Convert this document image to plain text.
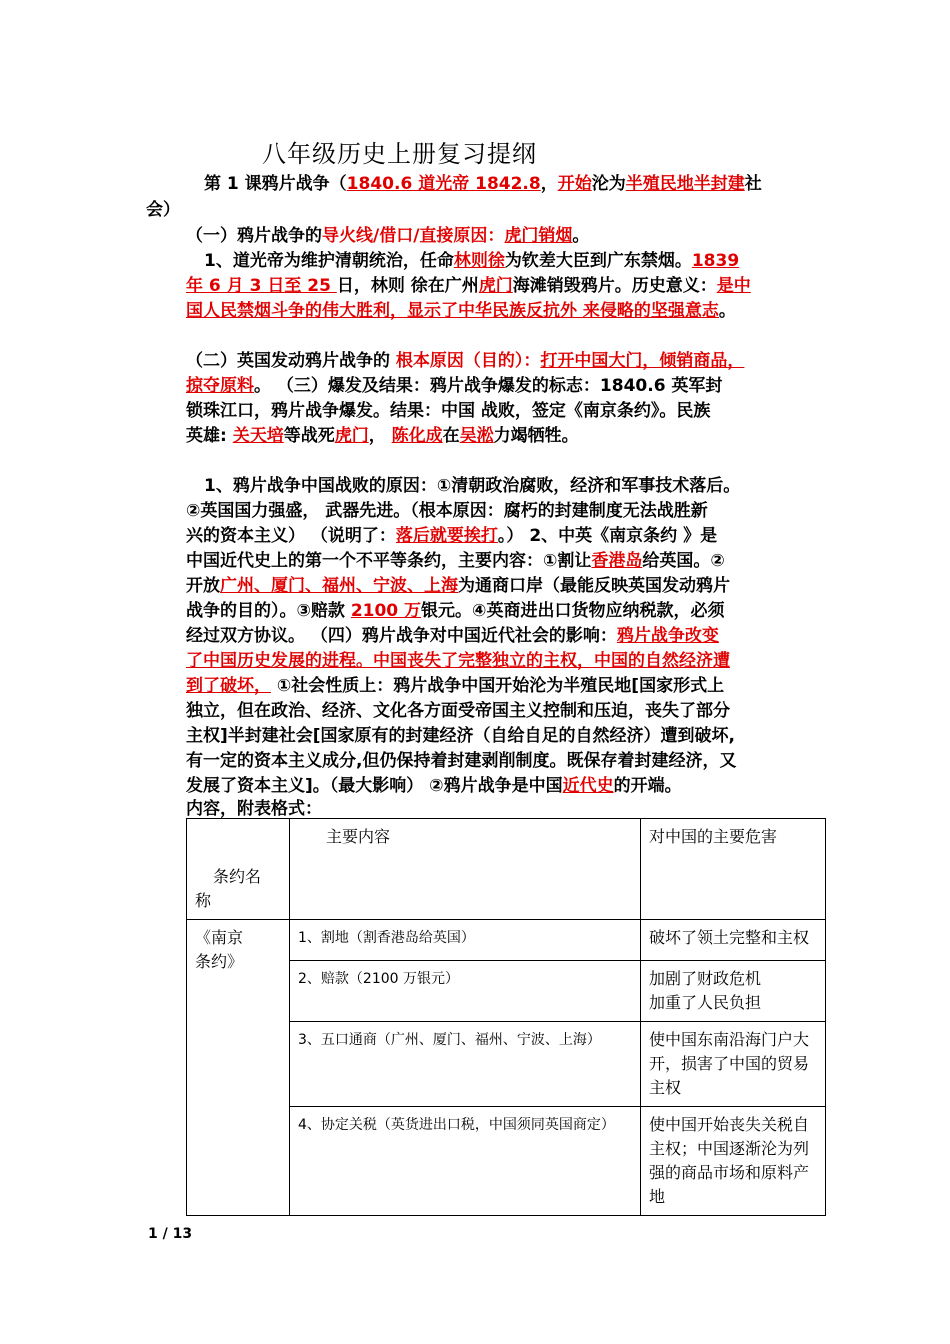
八年级历史上册复习提纲
第 1 课鸦片战争（1840.6 道光帝 1842.8，开始沦为半殖民地半封建社
会）
（一）鸦片战争的导火线/借口/直接原因：虎门销烟。
1、道光帝为维护清朝统治，任命林则徐为钦差大臣到广东禁烟。1839
年 6 月 3 日至 25 日，林则 徐在广州虎门海滩销毁鸦片。历史意义：是中
国人民禁烟斗争的伟大胜利，显示了中华民族反抗外 来侵略的坚强意志。
（二）英国发动鸦片战争的 根本原因（目的）：打开中国大门，倾销商品，
掠夺原料。 （三）爆发及结果：鸦片战争爆发的标志：1840.6 英军封
锁珠江口，鸦片战争爆发。结果：中国 战败，签定《南京条约》。民族
英雄: 关天培等战死虎门， 陈化成在吴淞力竭牺牲。
1、鸦片战争中国战败的原因：①清朝政治腐败，经济和军事技术落后。
②英国国力强盛， 武器先进。（根本原因：腐朽的封建制度无法战胜新
兴的资本主义） （说明了：落后就要挨打。） 2、中英《南京条约 》是
中国近代史上的第一个不平等条约，主要内容：①割让香港岛给英国。②
开放广州、厦门、福州、宁波、上海为通商口岸（最能反映英国发动鸦片
战争的目的）。③赔款 2100 万银元。④英商进出口货物应纳税款，必须
经过双方协议。 （四）鸦片战争对中国近代社会的影响：鸦片战争改变
了中国历史发展的进程。中国丧失了完整独立的主权，中国的自然经济遭
到了破坏， ①社会性质上：鸦片战争中国开始沦为半殖民地[国家形式上
独立，但在政治、经济、文化各方面受帝国主义控制和压迫，丧失了部分
主权]半封建社会[国家原有的封建经济（自给自足的自然经济）遭到破坏,
有一定的资本主义成分,但仍保持着封建剥削制度。既保存着封建经济，又
发展了资本主义]。（最大影响） ②鸦片战争是中国近代史的开端。
内容，附表格式：
条约名
称	主要内容	对中国的主要危害

《南京
条约》	1、割地（割香港岛给英国）	破坏了领土完整和主权
	2、赔款（2100 万银元）	加剧了财政危机
加重了人民负担

	3、五口通商（广州、厦门、福州、宁波、上海）	使中国东南沿海门户大开，损害了中国的贸易主权
	4、协定关税（英货进出口税，中国须同英国商定）	使中国开始丧失关税自主权；中国逐渐沦为列强的商品市场和原料产地
1 / 13
